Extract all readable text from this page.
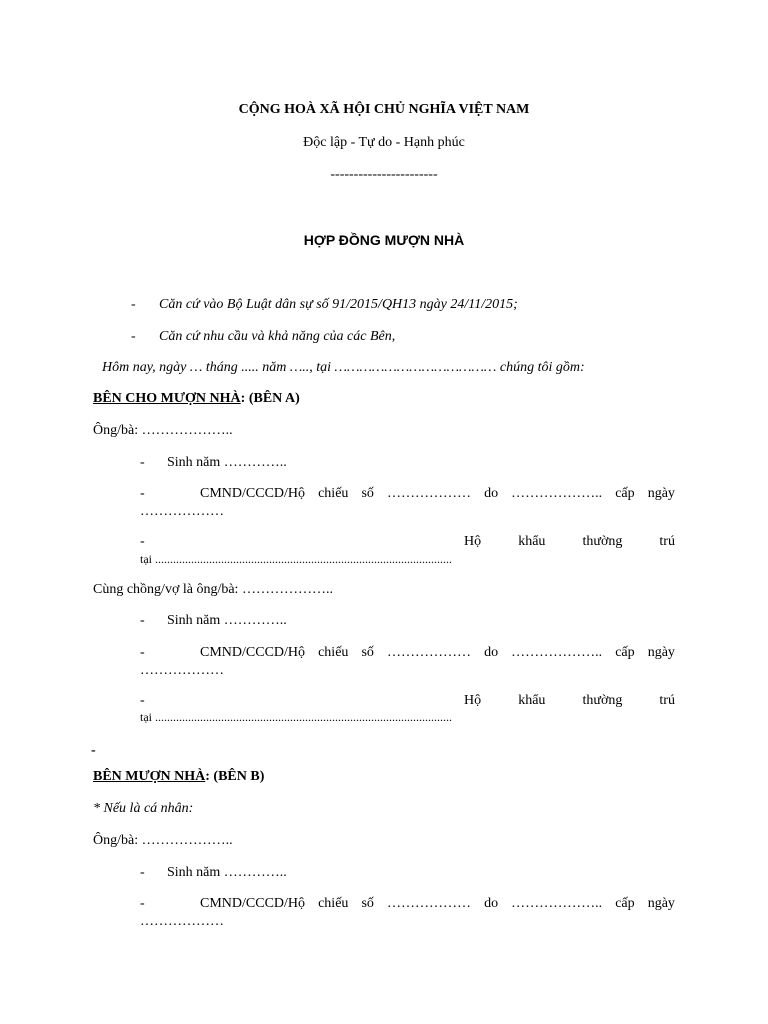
CỘNG HOÀ XÃ HỘI CHỦ NGHĨA VIỆT NAM
Độc lập - Tự do - Hạnh phúc
-----------------------
HỢP ĐỒNG MƯỢN NHÀ
- Căn cứ vào Bộ Luật dân sự số 91/2015/QH13 ngày 24/11/2015;
- Căn cứ nhu cầu và khả năng của các Bên,
Hôm nay, ngày … tháng ..... năm ….., tại ………………………………… chúng tôi gồm:
BÊN CHO MƯỢN NHÀ: (BÊN A)
Ông/bà: ………………..
- Sinh năm …………..
-	CMND/CCCD/Hộ chiếu số ……………… do ……………….. cấp ngày
………………
-	Hộ	khẩu	thường	trú
tại ...................................................................................................
Cùng chồng/vợ là ông/bà: ………………..
- Sinh năm …………..
-	CMND/CCCD/Hộ chiếu số ……………… do ……………….. cấp ngày
………………
-	Hộ	khẩu	thường	trú
tại ...................................................................................................
-
BÊN MƯỢN NHÀ: (BÊN B)
* Nếu là cá nhân:
Ông/bà: ………………..
- Sinh năm …………..
-	CMND/CCCD/Hộ chiếu số ……………… do ……………….. cấp ngày
………………
